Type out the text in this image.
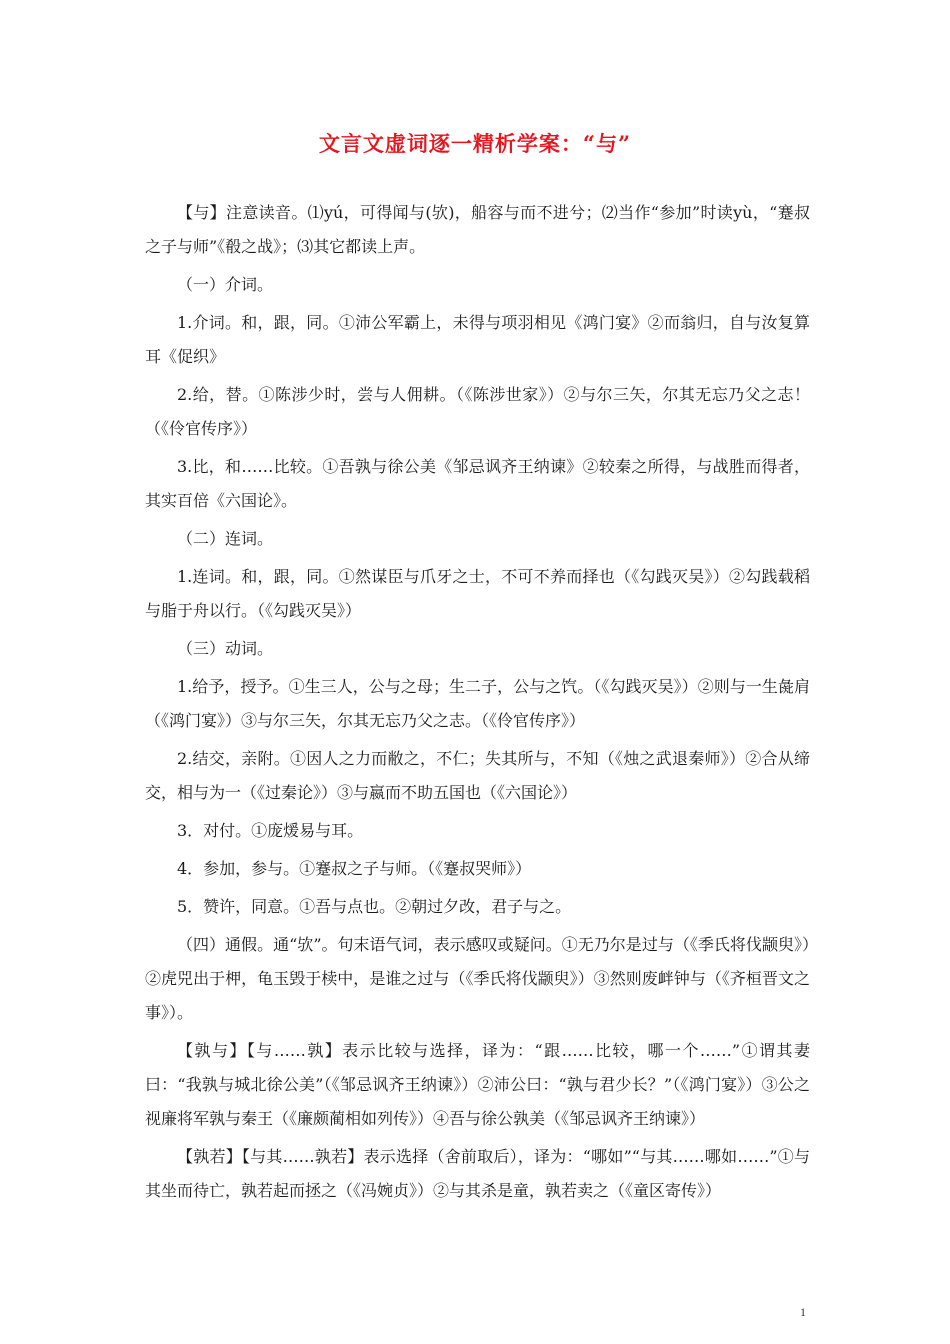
文言文虚词逐一精析学案：“与”

【与】注意读音。⑴yú，可得闻与(欤)，船容与而不进兮；⑵当作“参加”时读yù，“蹇叔之子与师”《殽之战》；⑶其它都读上声。

（一）介词。

1.介词。和，跟，同。①沛公军霸上，未得与项羽相见《鸿门宴》②而翁归，自与汝复算耳《促织》

2.给，替。①陈涉少时，尝与人佣耕。（《陈涉世家》）②与尔三矢，尔其无忘乃父之志！（《伶官传序》）

3.比，和……比较。①吾孰与徐公美《邹忌讽齐王纳谏》②较秦之所得，与战胜而得者，其实百倍《六国论》。

（二）连词。

1.连词。和，跟，同。①然谋臣与爪牙之士，不可不养而择也（《勾践灭吴》）②勾践载稻与脂于舟以行。（《勾践灭吴》）

（三）动词。

1.给予，授予。①生三人，公与之母；生二子，公与之饩。（《勾践灭吴》）②则与一生彘肩（《鸿门宴》）③与尔三矢，尔其无忘乃父之志。（《伶官传序》）

2.结交，亲附。①因人之力而敝之，不仁；失其所与，不知（《烛之武退秦师》）②合从缔交，相与为一（《过秦论》）③与嬴而不助五国也（《六国论》）

3．对付。①庞煖易与耳。

4．参加，参与。①蹇叔之子与师。（《蹇叔哭师》）

5．赞许，同意。①吾与点也。②朝过夕改，君子与之。

（四）通假。通“欤”。句末语气词，表示感叹或疑问。①无乃尔是过与（《季氏将伐颛臾》）②虎兕出于柙，龟玉毁于椟中，是谁之过与（《季氏将伐颛臾》）③然则废衅钟与（《齐桓晋文之事》）。

【孰与】【与……孰】表示比较与选择，译为：“跟……比较，哪一个……”①谓其妻曰：“我孰与城北徐公美”（《邹忌讽齐王纳谏》）②沛公曰：“孰与君少长？”（《鸿门宴》）③公之视廉将军孰与秦王（《廉颇蔺相如列传》）④吾与徐公孰美（《邹忌讽齐王纳谏》）

【孰若】【与其……孰若】表示选择（舍前取后），译为：“哪如”“与其……哪如……”①与其坐而待亡，孰若起而拯之（《冯婉贞》）②与其杀是童，孰若卖之（《童区寄传》）

1
